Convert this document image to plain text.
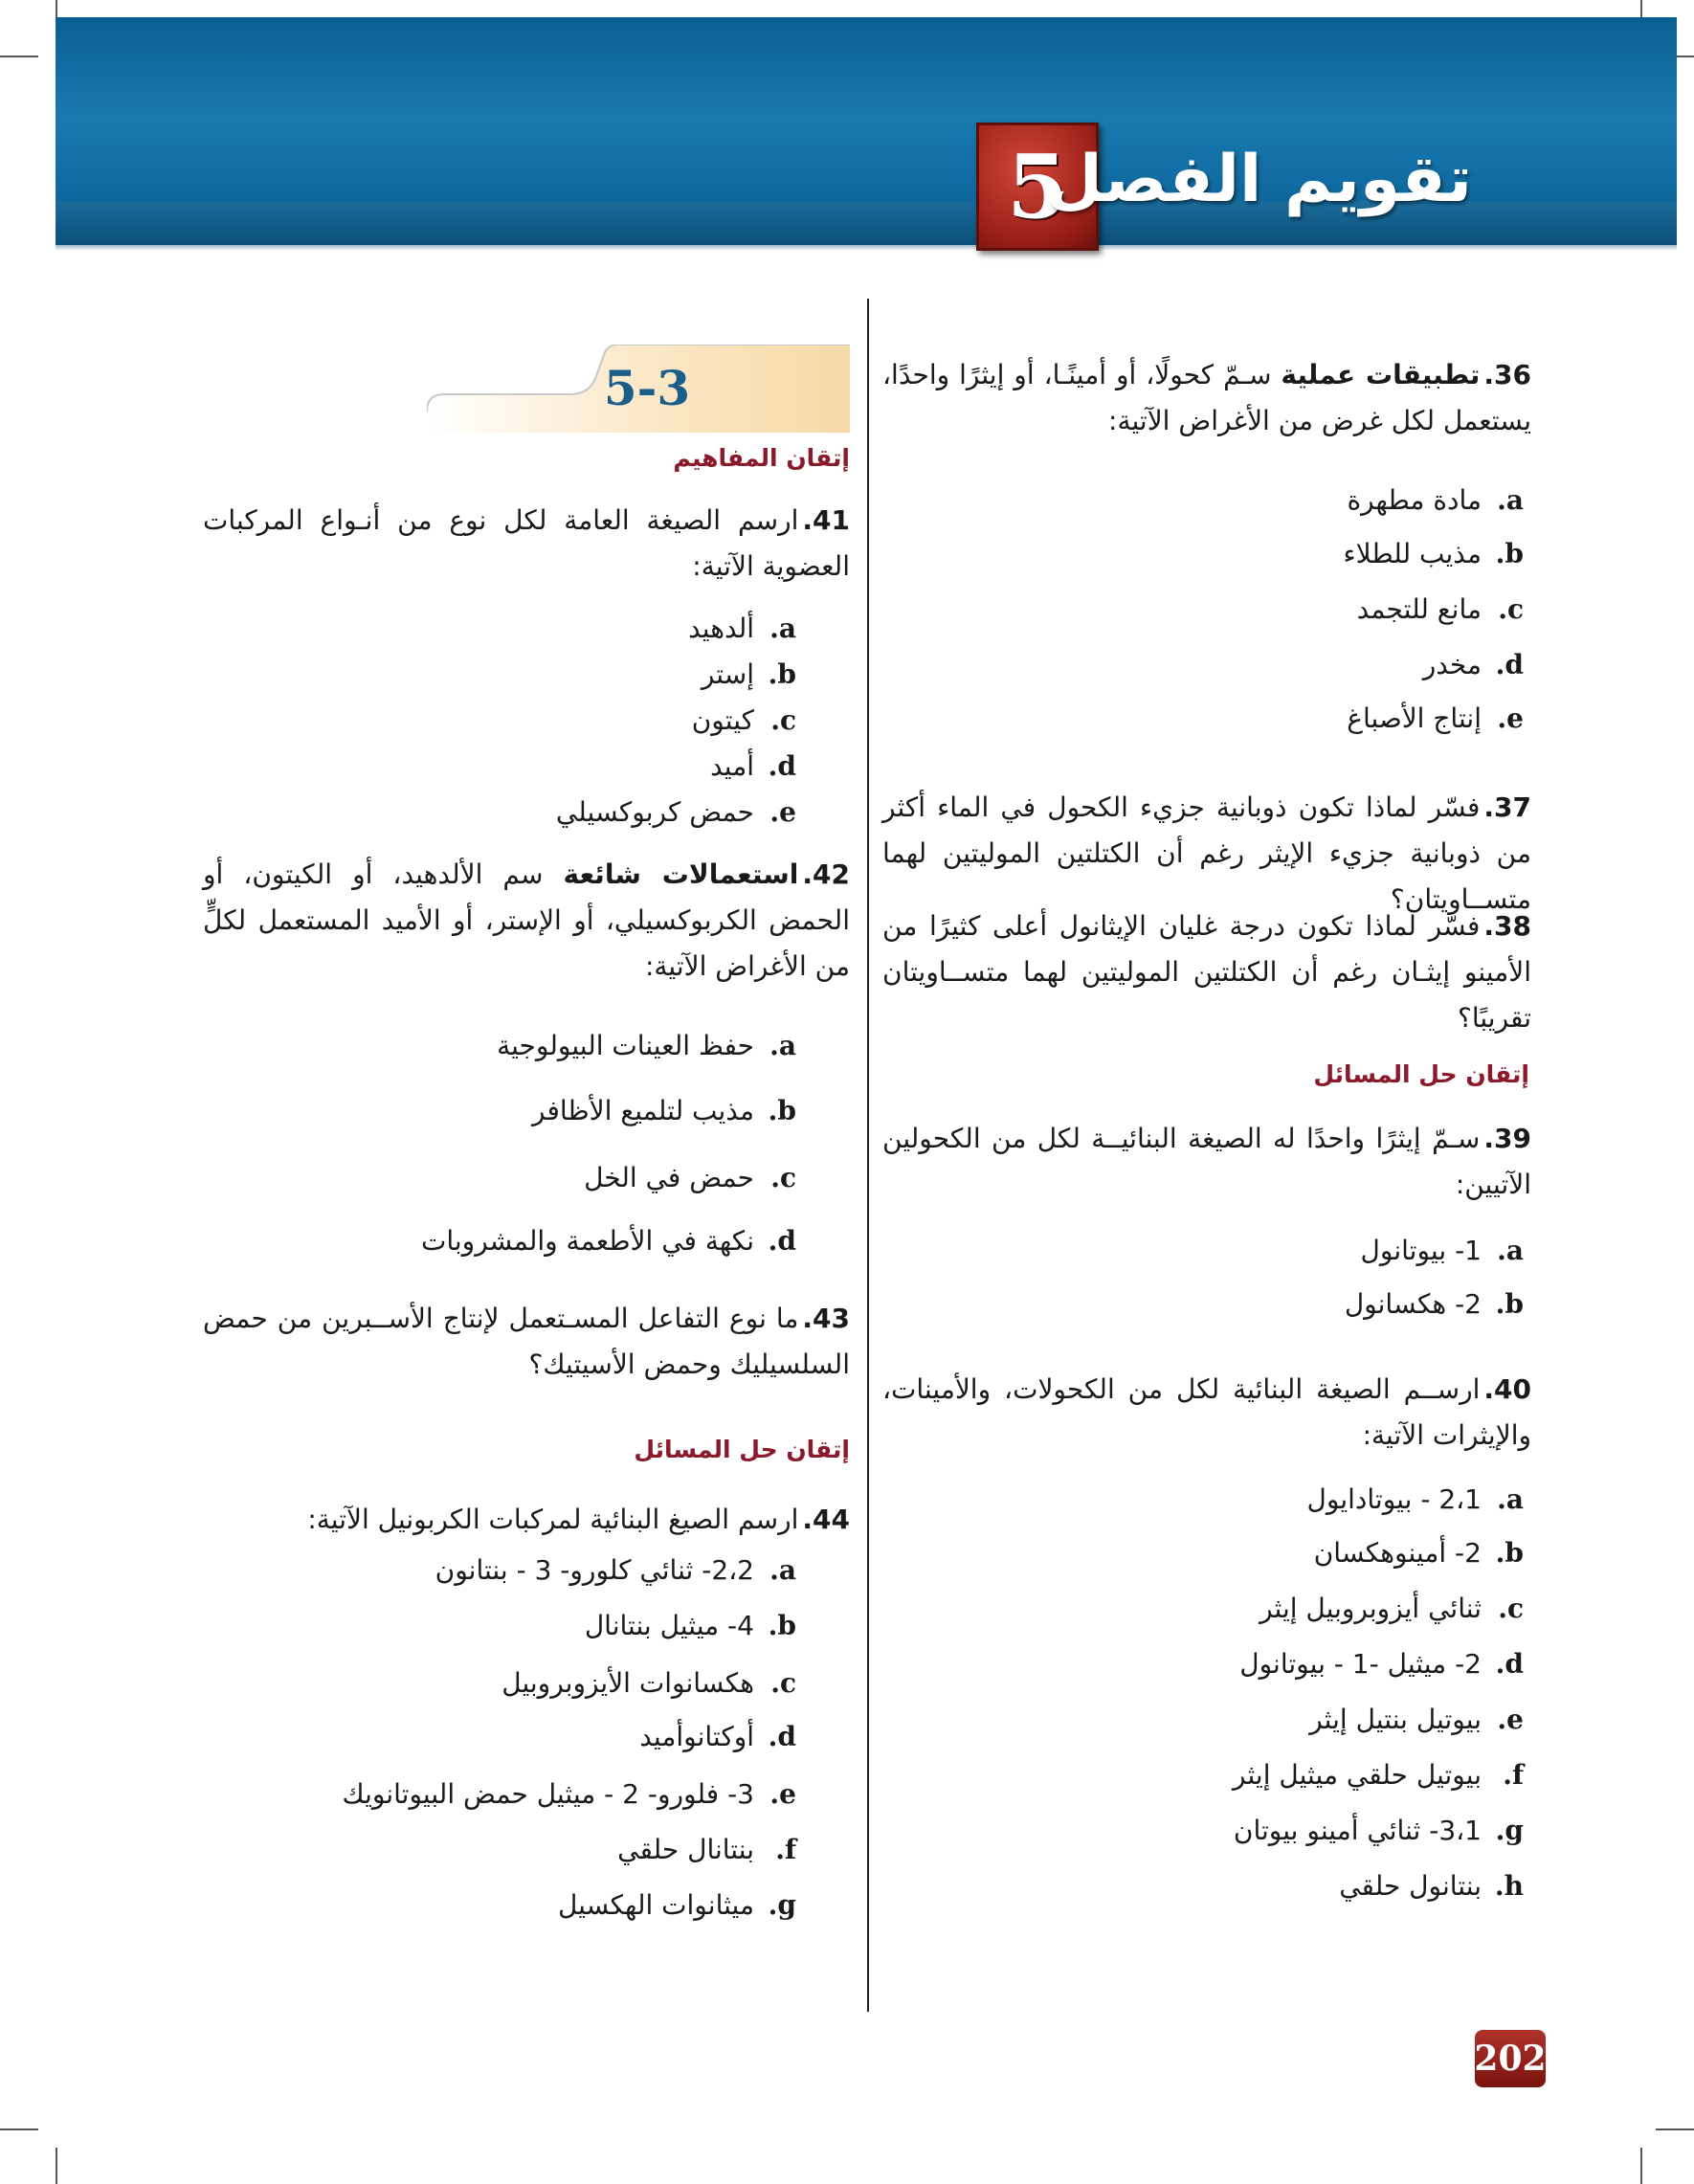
5
تقويم الفصل
36.تطبيقات عملية سـمّ كحولًا، أو أمينًـا، أو إيثرًا واحدًا، يستعمل لكل غرض من الأغراض الآتية:
a.
مادة مطهرة
b.
مذيب للطلاء
c.
مانع للتجمد
d.
مخدر
e.
إنتاج الأصباغ
37.فسّر لماذا تكون ذوبانية جزيء الكحول في الماء أكثر من ذوبانية جزيء الإيثر رغم أن الكتلتين الموليتين لهما متســاويتان؟
38.فسّر لماذا تكون درجة غليان الإيثانول أعلى كثيرًا من الأمينو إيثـان رغم أن الكتلتين الموليتين لهما متســاويتان تقريبًا؟
إتقان حل المسائل
39.سـمّ إيثرًا واحدًا له الصيغة البنائيــة لكل من الكحولين الآتيين:
a.
1- بيوتانول
b.
2- هكسانول
40.ارســم الصيغة البنائية لكل من الكحولات، والأمينات، والإيثرات الآتية:
a.
2،1 - بيوتادايول
b.
2- أمينوهكسان
c.
ثنائي أيزوبروبيل إيثر
d.
2- ميثيل -1 - بيوتانول
e.
بيوتيل بنتيل إيثر
f.
بيوتيل حلقي ميثيل إيثر
g.
3،1- ثنائي أمينو بيوتان
h.
بنتانول حلقي
5-3
إتقان المفاهيم
41.ارسم الصيغة العامة لكل نوع من أنـواع المركبات العضوية الآتية:
a.
ألدهيد
b.
إستر
c.
كيتون
d.
أميد
e.
حمض كربوكسيلي
42.استعمالات شائعة سم الألدهيد، أو الكيتون، أو الحمض الكربوكسيلي، أو الإستر، أو الأميد المستعمل لكلٍّ من الأغراض الآتية:
a.
حفظ العينات البيولوجية
b.
مذيب لتلميع الأظافر
c.
حمض في الخل
d.
نكهة في الأطعمة والمشروبات
43.ما نوع التفاعل المسـتعمل لإنتاج الأســبرين من حمض السلسيليك وحمض الأسيتيك؟
إتقان حل المسائل
44.ارسم الصيغ البنائية لمركبات الكربونيل الآتية:
a.
2،2- ثنائي كلورو- 3 - بنتانون
b.
4- ميثيل بنتانال
c.
هكسانوات الأيزوبروبيل
d.
أوكتانوأميد
e.
3- فلورو- 2 - ميثيل حمض البيوتانويك
f.
بنتانال حلقي
g.
ميثانوات الهكسيل
202
